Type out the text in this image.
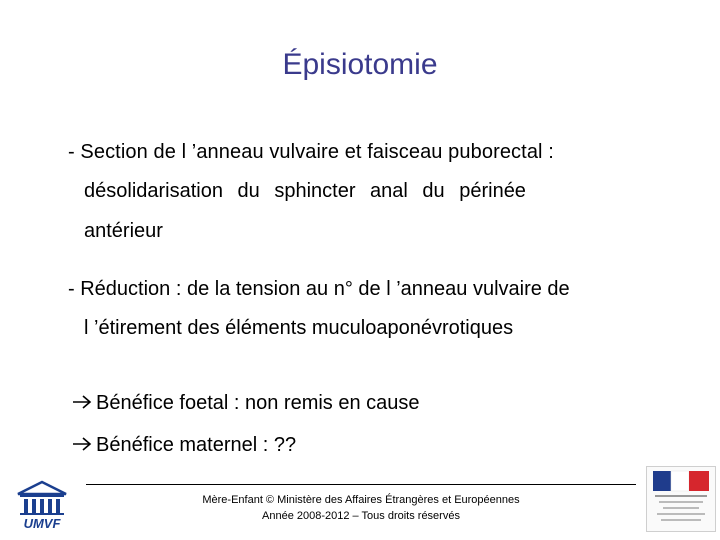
Épisiotomie
- Section de l ’anneau vulvaire et faisceau puborectal :
désolidarisation du sphincter anal du périnée
antérieur
- Réduction : de la tension au n° de l ’anneau vulvaire de
l ’étirement des éléments muculoaponévrotiques
Bénéfice foetal : non remis en cause
Bénéfice maternel : ??
Mère-Enfant © Ministère des Affaires Étrangères et Européennes
Année 2008-2012 – Tous droits réservés
UMVF
